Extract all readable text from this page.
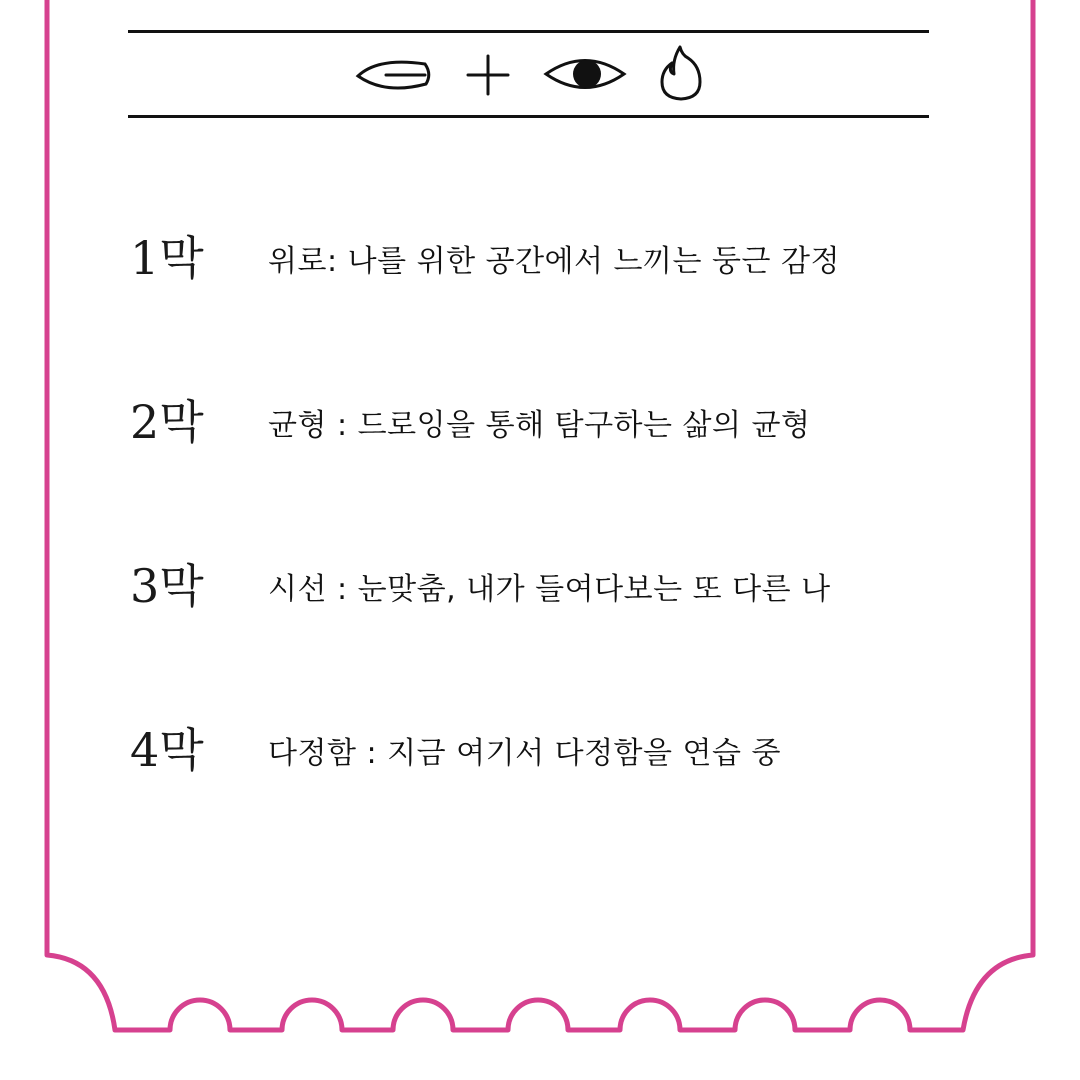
1막 위로: 나를 위한 공간에서 느끼는 둥근 감정
2막 균형 : 드로잉을 통해 탐구하는 삶의 균형
3막 시선 : 눈맞춤, 내가 들여다보는 또 다른 나
4막 다정함 : 지금 여기서 다정함을 연습 중
